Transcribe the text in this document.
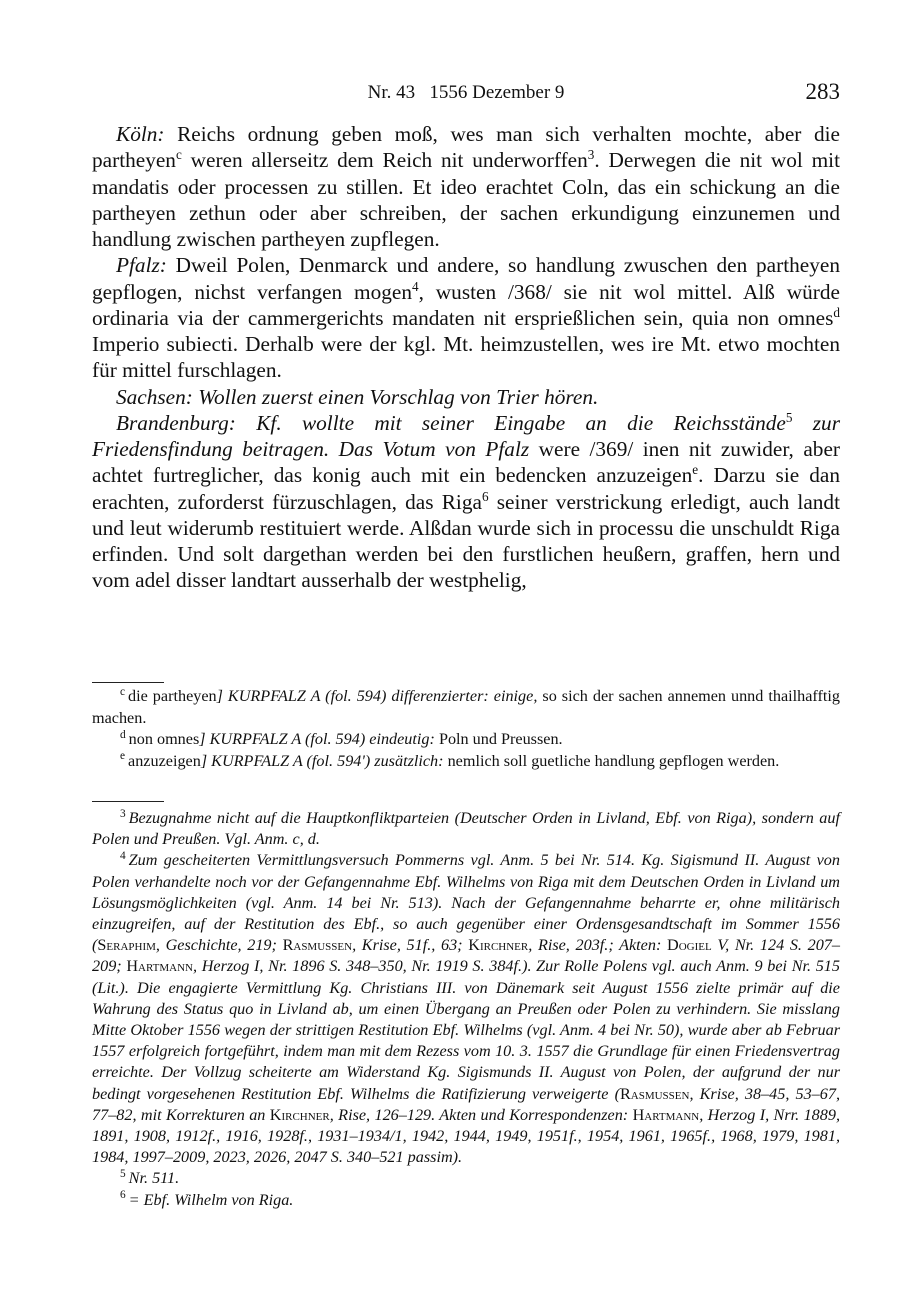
Nr. 43   1556 Dezember 9	283

Köln: Reichs ordnung geben moß, wes man sich verhalten mochte, aber die partheyen$^c$ weren allerseitz dem Reich nit underworffen$^3$. Derwegen die nit wol mit mandatis oder processen zu stillen. Et ideo erachtet Coln, das ein schickung an die partheyen zethun oder aber schreiben, der sachen erkundigung einzunemen und handlung zwischen partheyen zupflegen.

Pfalz: Dweil Polen, Denmarck und andere, so handlung zwuschen den partheyen gepflogen, nichst verfangen mogen$^4$, wusten /368/ sie nit wol mittel. Alß würde ordinaria via der cammergerichts mandaten nit ersprießlichen sein, quia non omnes$^d$ Imperio subiecti. Derhalb were der kgl. Mt. heimzustellen, wes ire Mt. etwo mochten für mittel furschlagen.

Sachsen: Wollen zuerst einen Vorschlag von Trier hören.

Brandenburg: Kf. wollte mit seiner Eingabe an die Reichsstände$^5$ zur Friedensfindung beitragen. Das Votum von Pfalz were /369/ inen nit zuwider, aber achtet furtreglicher, das konig auch mit ein bedencken anzuzeigen$^e$. Darzu sie dan erachten, zuforderst fürzuschlagen, das Riga$^6$ seiner verstrickung erledigt, auch landt und leut widerumb restituiert werde. Alßdan wurde sich in processu die unschuldt Riga erfinden. Und solt dargethan werden bei den furstlichen heußern, graffen, hern und vom adel disser landtart ausserhalb der westphelig,

$^c$ die partheyen] KURPFALZ A (fol. 594) differenzierter: einige, so sich der sachen annemen unnd thailhafftig machen.

$^d$ non omnes] KURPFALZ A (fol. 594) eindeutig: Poln und Preussen.

$^e$ anzuzeigen] KURPFALZ A (fol. 594') zusätzlich: nemlich soll guetliche handlung gepflogen werden.

$^3$ Bezugnahme nicht auf die Hauptkonfliktparteien (Deutscher Orden in Livland, Ebf. von Riga), sondern auf Polen und Preußen. Vgl. Anm. c, d.

$^4$ Zum gescheiterten Vermittlungsversuch Pommerns vgl. Anm. 5 bei Nr. 514. Kg. Sigismund II. August von Polen verhandelte noch vor der Gefangennahme Ebf. Wilhelms von Riga mit dem Deutschen Orden in Livland um Lösungsmöglichkeiten (vgl. Anm. 14 bei Nr. 513). Nach der Gefangennahme beharrte er, ohne militärisch einzugreifen, auf der Restitution des Ebf., so auch gegenüber einer Ordensgesandtschaft im Sommer 1556 (Seraphim, Geschichte, 219; Rasmussen, Krise, 51f., 63; Kirchner, Rise, 203f.; Akten: Dogiel V, Nr. 124 S. 207–209; Hartmann, Herzog I, Nr. 1896 S. 348–350, Nr. 1919 S. 384f.). Zur Rolle Polens vgl. auch Anm. 9 bei Nr. 515 (Lit.). Die engagierte Vermittlung Kg. Christians III. von Dänemark seit August 1556 zielte primär auf die Wahrung des Status quo in Livland ab, um einen Übergang an Preußen oder Polen zu verhindern. Sie misslang Mitte Oktober 1556 wegen der strittigen Restitution Ebf. Wilhelms (vgl. Anm. 4 bei Nr. 50), wurde aber ab Februar 1557 erfolgreich fortgeführt, indem man mit dem Rezess vom 10. 3. 1557 die Grundlage für einen Friedensvertrag erreichte. Der Vollzug scheiterte am Widerstand Kg. Sigismunds II. August von Polen, der aufgrund der nur bedingt vorgesehenen Restitution Ebf. Wilhelms die Ratifizierung verweigerte (Rasmussen, Krise, 38–45, 53–67, 77–82, mit Korrekturen an Kirchner, Rise, 126–129. Akten und Korrespondenzen: Hartmann, Herzog I, Nrr. 1889, 1891, 1908, 1912f., 1916, 1928f., 1931–1934/1, 1942, 1944, 1949, 1951f., 1954, 1961, 1965f., 1968, 1979, 1981, 1984, 1997–2009, 2023, 2026, 2047 S. 340–521 passim).

$^5$ Nr. 511.

$^6$ = Ebf. Wilhelm von Riga.
